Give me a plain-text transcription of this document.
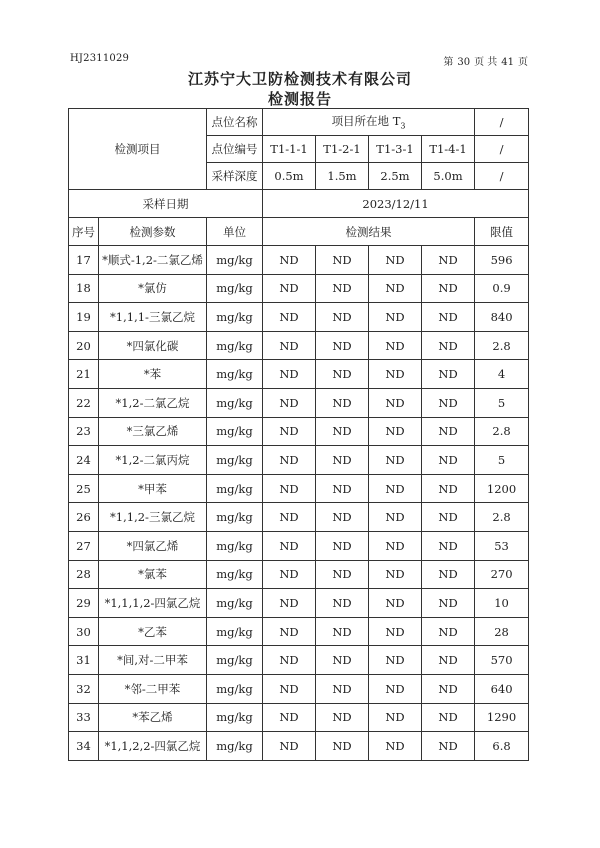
HJ2311029	第 30 页 共 41 页
江苏宁大卫防检测技术有限公司
检测报告
检测项目		点位名称	项目所在地 $T_3$				/
		点位编号	T1-1-1	T1-2-1	T1-3-1	T1-4-1	/
		采样深度	0.5m	1.5m	2.5m	5.0m	/
采样日期			2023/12/11				
序号	检测参数	单位	检测结果				限值
17	*顺式-1,2-二氯乙烯	mg/kg	ND	ND	ND	ND	596
18	*氯仿	mg/kg	ND	ND	ND	ND	0.9
19	*1,1,1-三氯乙烷	mg/kg	ND	ND	ND	ND	840
20	*四氯化碳	mg/kg	ND	ND	ND	ND	2.8
21	*苯	mg/kg	ND	ND	ND	ND	4
22	*1,2-二氯乙烷	mg/kg	ND	ND	ND	ND	5
23	*三氯乙烯	mg/kg	ND	ND	ND	ND	2.8
24	*1,2-二氯丙烷	mg/kg	ND	ND	ND	ND	5
25	*甲苯	mg/kg	ND	ND	ND	ND	1200
26	*1,1,2-三氯乙烷	mg/kg	ND	ND	ND	ND	2.8
27	*四氯乙烯	mg/kg	ND	ND	ND	ND	53
28	*氯苯	mg/kg	ND	ND	ND	ND	270
29	*1,1,1,2-四氯乙烷	mg/kg	ND	ND	ND	ND	10
30	*乙苯	mg/kg	ND	ND	ND	ND	28
31	*间,对-二甲苯	mg/kg	ND	ND	ND	ND	570
32	*邻-二甲苯	mg/kg	ND	ND	ND	ND	640
33	*苯乙烯	mg/kg	ND	ND	ND	ND	1290
34	*1,1,2,2-四氯乙烷	mg/kg	ND	ND	ND	ND	6.8
